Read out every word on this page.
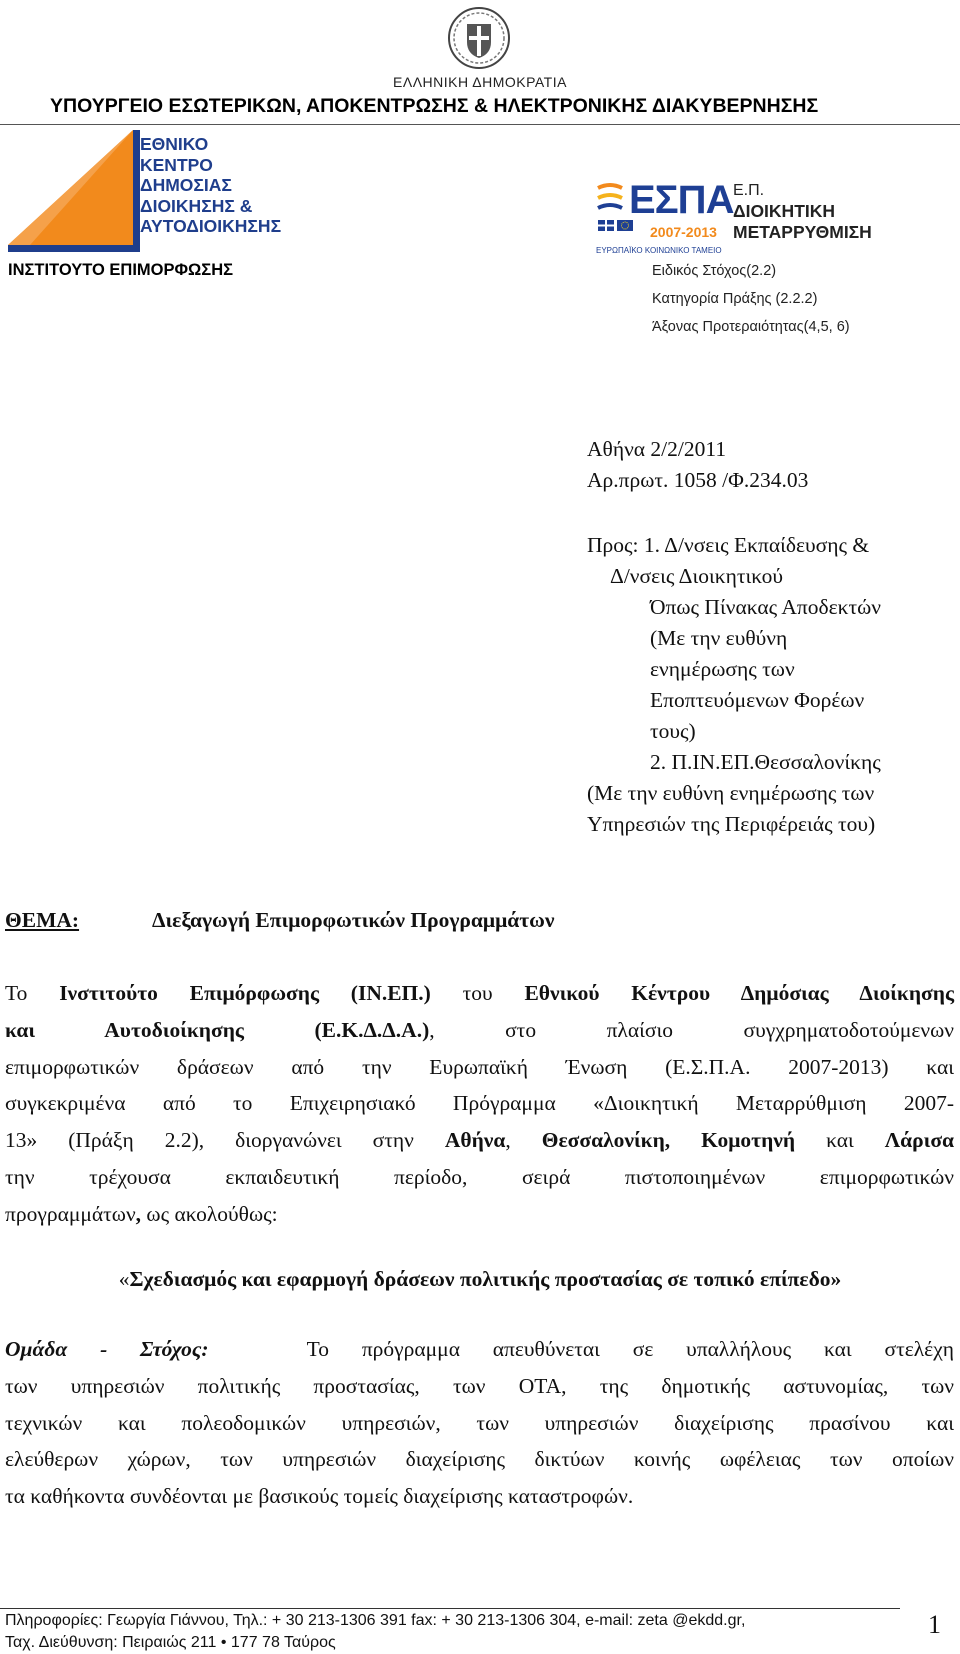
ΕΛΛΗΝΙΚΗ ΔΗΜΟΚΡΑΤΙΑ
ΥΠΟΥΡΓΕΙΟ ΕΣΩΤΕΡΙΚΩΝ, ΑΠΟΚΕΝΤΡΩΣΗΣ & ΗΛΕΚΤΡΟΝΙΚΗΣ ΔΙΑΚΥΒΕΡΝΗΣΗΣ
ΕΘΝΙΚΟ
ΚΕΝΤΡΟ
ΔΗΜΟΣΙΑΣ
ΔΙΟΙΚΗΣΗΣ &
ΑΥΤΟΔΙΟΙΚΗΣΗΣ
ΕΣΠΑ
2007-2013
ΕΥΡΩΠΑΪΚΟ ΚΟΙΝΩΝΙΚΟ ΤΑΜΕΙΟ
Ε.Π.
ΔΙΟΙΚΗΤΙΚΗ
ΜΕΤΑΡΡΥΘΜΙΣΗ
ΙΝΣΤΙΤΟΥΤΟ ΕΠΙΜΟΡΦΩΣΗΣ	Ειδικός Στόχος(2.2)
Κατηγορία Πράξης (2.2.2)
Άξονας Προτεραιότητας(4,5, 6)
Αθήνα 2/2/2011
Αρ.πρωτ. 1058 /Φ.234.03
Προς: 1. Δ/νσεις Εκπαίδευσης &
Δ/νσεις Διοικητικού
Όπως Πίνακας Αποδεκτών
(Με την ευθύνη
ενημέρωσης των
Εποπτευόμενων Φορέων
τους)
2. Π.ΙΝ.ΕΠ.Θεσσαλονίκης
(Με την ευθύνη ενημέρωσης των
Υπηρεσιών της Περιφέρειάς του)
ΘΕΜΑ:	Διεξαγωγή Επιμορφωτικών Προγραμμάτων
Το Ινστιτούτο Επιμόρφωσης (ΙΝ.ΕΠ.) του Εθνικού Κέντρου Δημόσιας Διοίκησης
και Αυτοδιοίκησης (Ε.Κ.Δ.Δ.Α.), στο πλαίσιο συγχρηματοδοτούμενων
επιμορφωτικών δράσεων από την Ευρωπαϊκή Ένωση (Ε.Σ.Π.Α. 2007-2013) και
συγκεκριμένα από το Επιχειρησιακό Πρόγραμμα «Διοικητική Μεταρρύθμιση 2007-
13» (Πράξη 2.2), διοργανώνει στην Αθήνα, Θεσσαλονίκη, Κομοτηνή και Λάρισα
την τρέχουσα εκπαιδευτική περίοδο, σειρά πιστοποιημένων επιμορφωτικών
προγραμμάτων, ως ακολούθως:
«Σχεδιασμός και εφαρμογή δράσεων πολιτικής προστασίας σε τοπικό επίπεδο»
Ομάδα - Στόχος:	Το πρόγραμμα απευθύνεται σε υπαλλήλους και στελέχη
των υπηρεσιών πολιτικής προστασίας, των ΟΤΑ, της δημοτικής αστυνομίας, των
τεχνικών και πολεοδομικών υπηρεσιών, των υπηρεσιών διαχείρισης πρασίνου και
ελεύθερων χώρων, των υπηρεσιών διαχείρισης δικτύων κοινής ωφέλειας των οποίων
τα καθήκοντα συνδέονται με βασικούς τομείς διαχείρισης καταστροφών.
Πληροφορίες: Γεωργία Γιάννου, Τηλ.: + 30 213-1306 391 fax: + 30 213-1306 304, e-mail: zeta @ekdd.gr,
Ταχ. Διεύθυνση: Πειραιώς 211 • 177 78 Ταύρος
1
